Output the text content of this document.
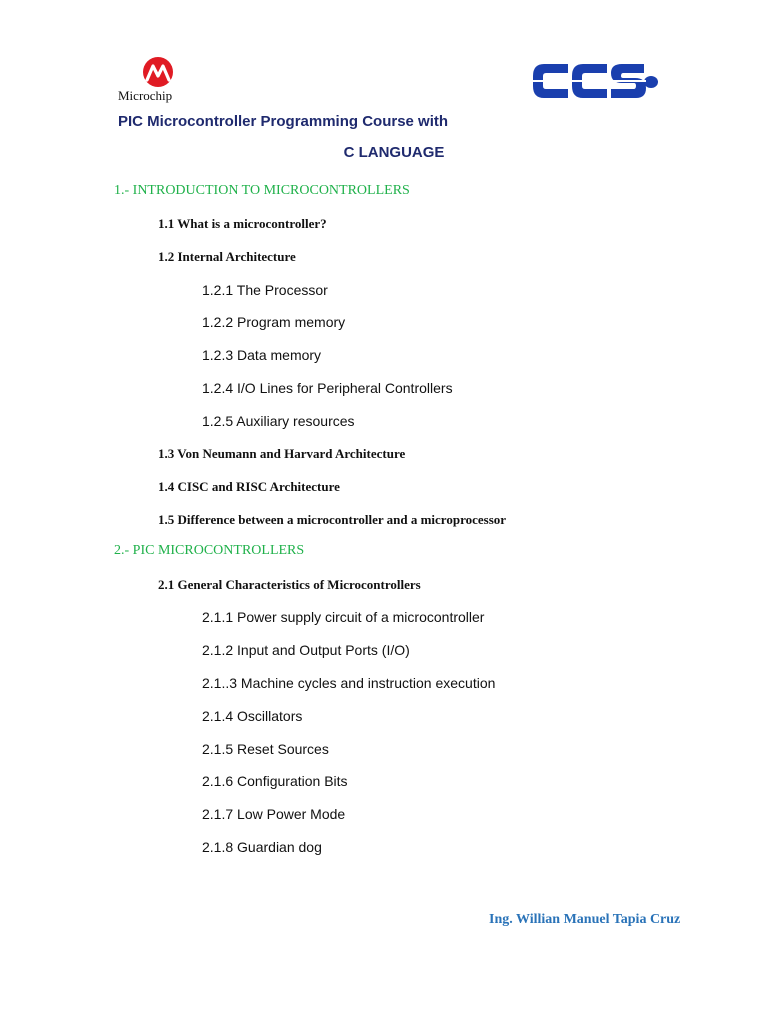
Microchip
PIC Microcontroller Programming Course with
C LANGUAGE
1.- INTRODUCTION TO MICROCONTROLLERS
1.1 What is a microcontroller?
1.2 Internal Architecture
1.2.1 The Processor
1.2.2 Program memory
1.2.3 Data memory
1.2.4 I/O Lines for Peripheral Controllers
1.2.5 Auxiliary resources
1.3 Von Neumann and Harvard Architecture
1.4 CISC and RISC Architecture
1.5 Difference between a microcontroller and a microprocessor
2.- PIC MICROCONTROLLERS
2.1 General Characteristics of Microcontrollers
2.1.1 Power supply circuit of a microcontroller
2.1.2 Input and Output Ports (I/O)
2.1..3 Machine cycles and instruction execution
2.1.4 Oscillators
2.1.5 Reset Sources
2.1.6 Configuration Bits
2.1.7 Low Power Mode
2.1.8 Guardian dog
Ing. Willian Manuel Tapia Cruz
